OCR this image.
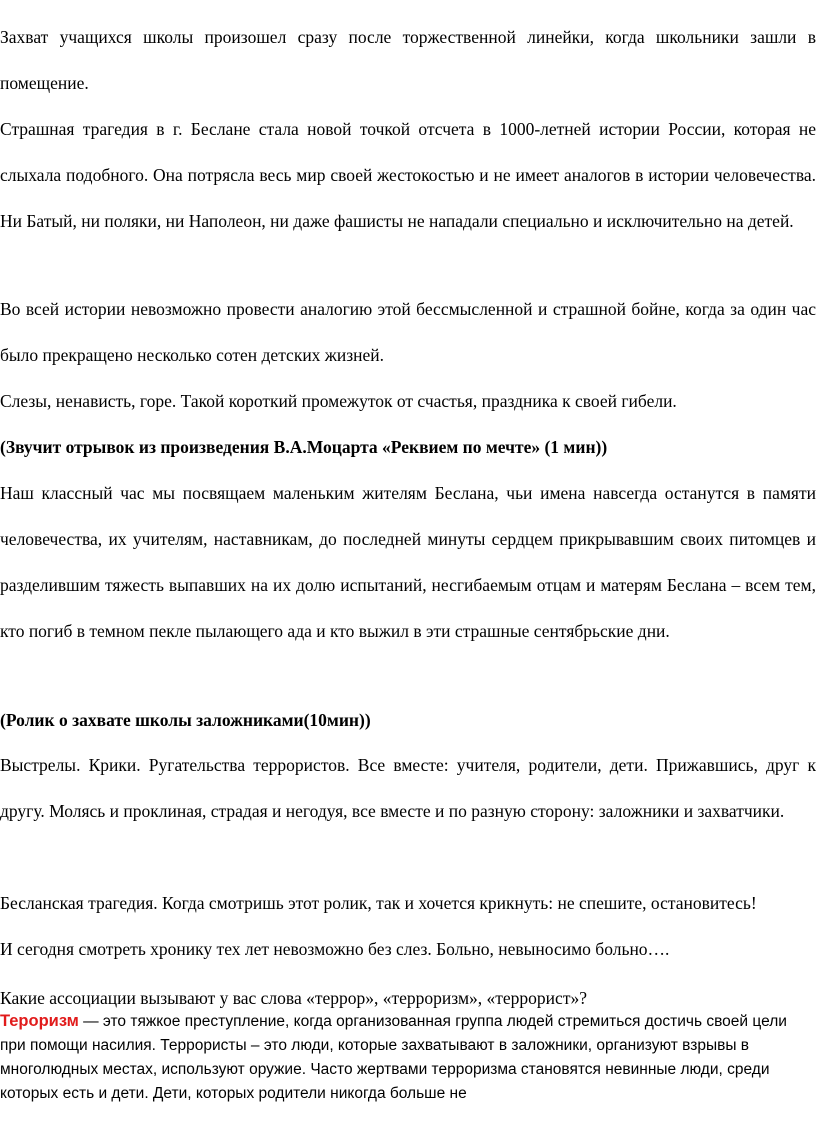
Захват учащихся школы произошел сразу после торжественной линейки, когда школьники зашли в помещение.

Страшная трагедия в г. Беслане стала новой точкой отсчета в 1000-летней истории России, которая не слыхала подобного. Она потрясла весь мир своей жестокостью и не имеет аналогов в истории человечества. Ни Батый, ни поляки, ни Наполеон, ни даже фашисты не нападали специально и исключительно на детей.

Во всей истории невозможно провести аналогию этой бессмысленной и страшной бойне, когда за один час было прекращено несколько сотен детских жизней.

Слезы, ненависть, горе. Такой короткий промежуток от счастья, праздника к своей гибели.

(Звучит отрывок из произведения В.А.Моцарта «Реквием по мечте» (1 мин))

Наш классный час мы посвящаем маленьким жителям Беслана, чьи имена навсегда останутся в памяти человечества, их учителям, наставникам, до последней минуты сердцем прикрывавшим своих питомцев и разделившим тяжесть выпавших на их долю испытаний, несгибаемым отцам и матерям Беслана – всем тем, кто погиб в темном пекле пылающего ада и кто выжил в эти страшные сентябрьские дни.

(Ролик о захвате школы заложниками(10мин))

Выстрелы. Крики. Ругательства террористов. Все вместе: учителя, родители, дети. Прижавшись, друг к другу. Молясь и проклиная, страдая и негодуя, все вместе и по разную сторону: заложники и захватчики.

Бесланская трагедия. Когда смотришь этот ролик, так и хочется крикнуть: не спешите, остановитесь!

И сегодня смотреть хронику тех лет невозможно без слез. Больно, невыносимо больно….

Какие ассоциации вызывают у вас слова «террор», «терроризм», «террорист»?

Тероризм — это тяжкое преступление, когда организованная группа людей стремиться достичь своей цели при помощи насилия. Террористы – это люди, которые захватывают в заложники, организуют взрывы в многолюдных местах, используют оружие. Часто жертвами терроризма становятся невинные люди, среди которых есть и дети. Дети, которых родители никогда больше не
